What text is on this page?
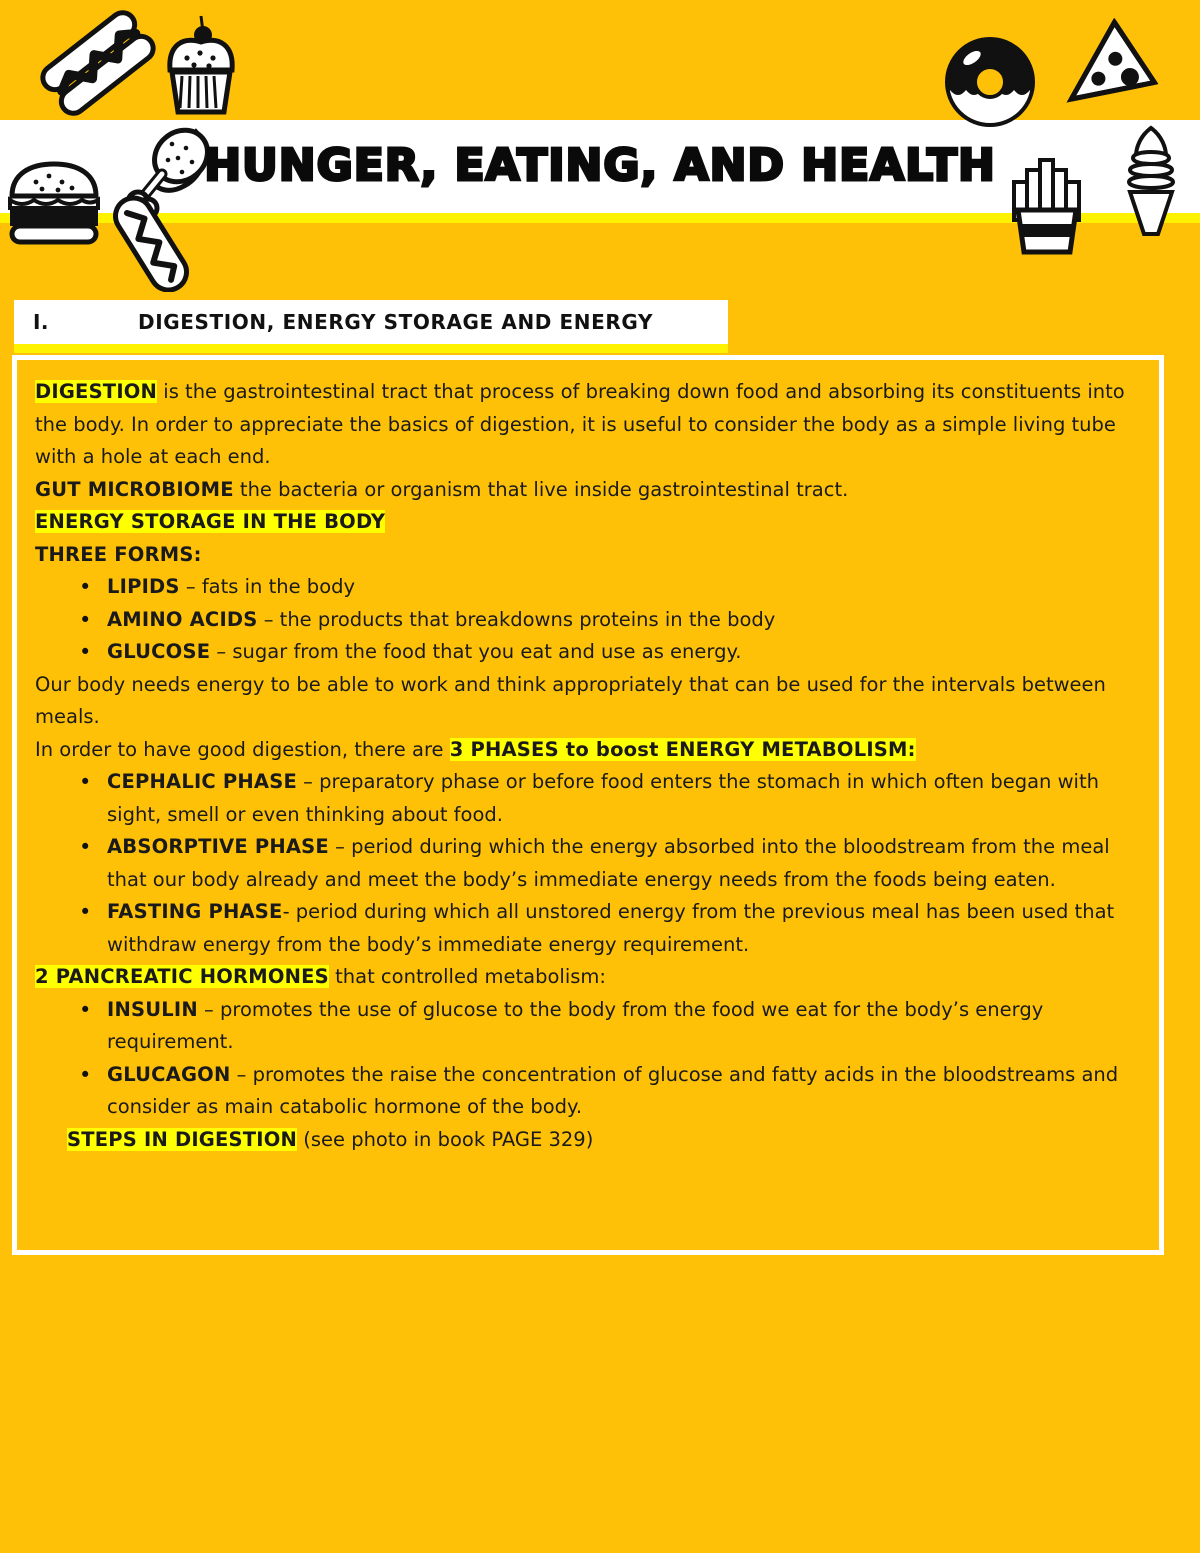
HUNGER, EATING, AND HEALTH
I.	DIGESTION, ENERGY STORAGE AND ENERGY

DIGESTION is the gastrointestinal tract that process of breaking down food and absorbing its constituents into the body. In order to appreciate the basics of digestion, it is useful to consider the body as a simple living tube with a hole at each end.

GUT MICROBIOME the bacteria or organism that live inside gastrointestinal tract.

ENERGY STORAGE IN THE BODY

THREE FORMS:

• LIPIDS – fats in the body
• AMINO ACIDS – the products that breakdowns proteins in the body
• GLUCOSE – sugar from the food that you eat and use as energy.

Our body needs energy to be able to work and think appropriately that can be used for the intervals between meals.

In order to have good digestion, there are 3 PHASES to boost ENERGY METABOLISM:

• CEPHALIC PHASE – preparatory phase or before food enters the stomach in which often began with sight, smell or even thinking about food.
• ABSORPTIVE PHASE – period during which the energy absorbed into the bloodstream from the meal that our body already and meet the body’s immediate energy needs from the foods being eaten.
• FASTING PHASE- period during which all unstored energy from the previous meal has been used that withdraw energy from the body’s immediate energy requirement.

2 PANCREATIC HORMONES that controlled metabolism:

• INSULIN – promotes the use of glucose to the body from the food we eat for the body’s energy requirement.
• GLUCAGON – promotes the raise the concentration of glucose and fatty acids in the bloodstreams and consider as main catabolic hormone of the body.

STEPS IN DIGESTION (see photo in book PAGE 329)
